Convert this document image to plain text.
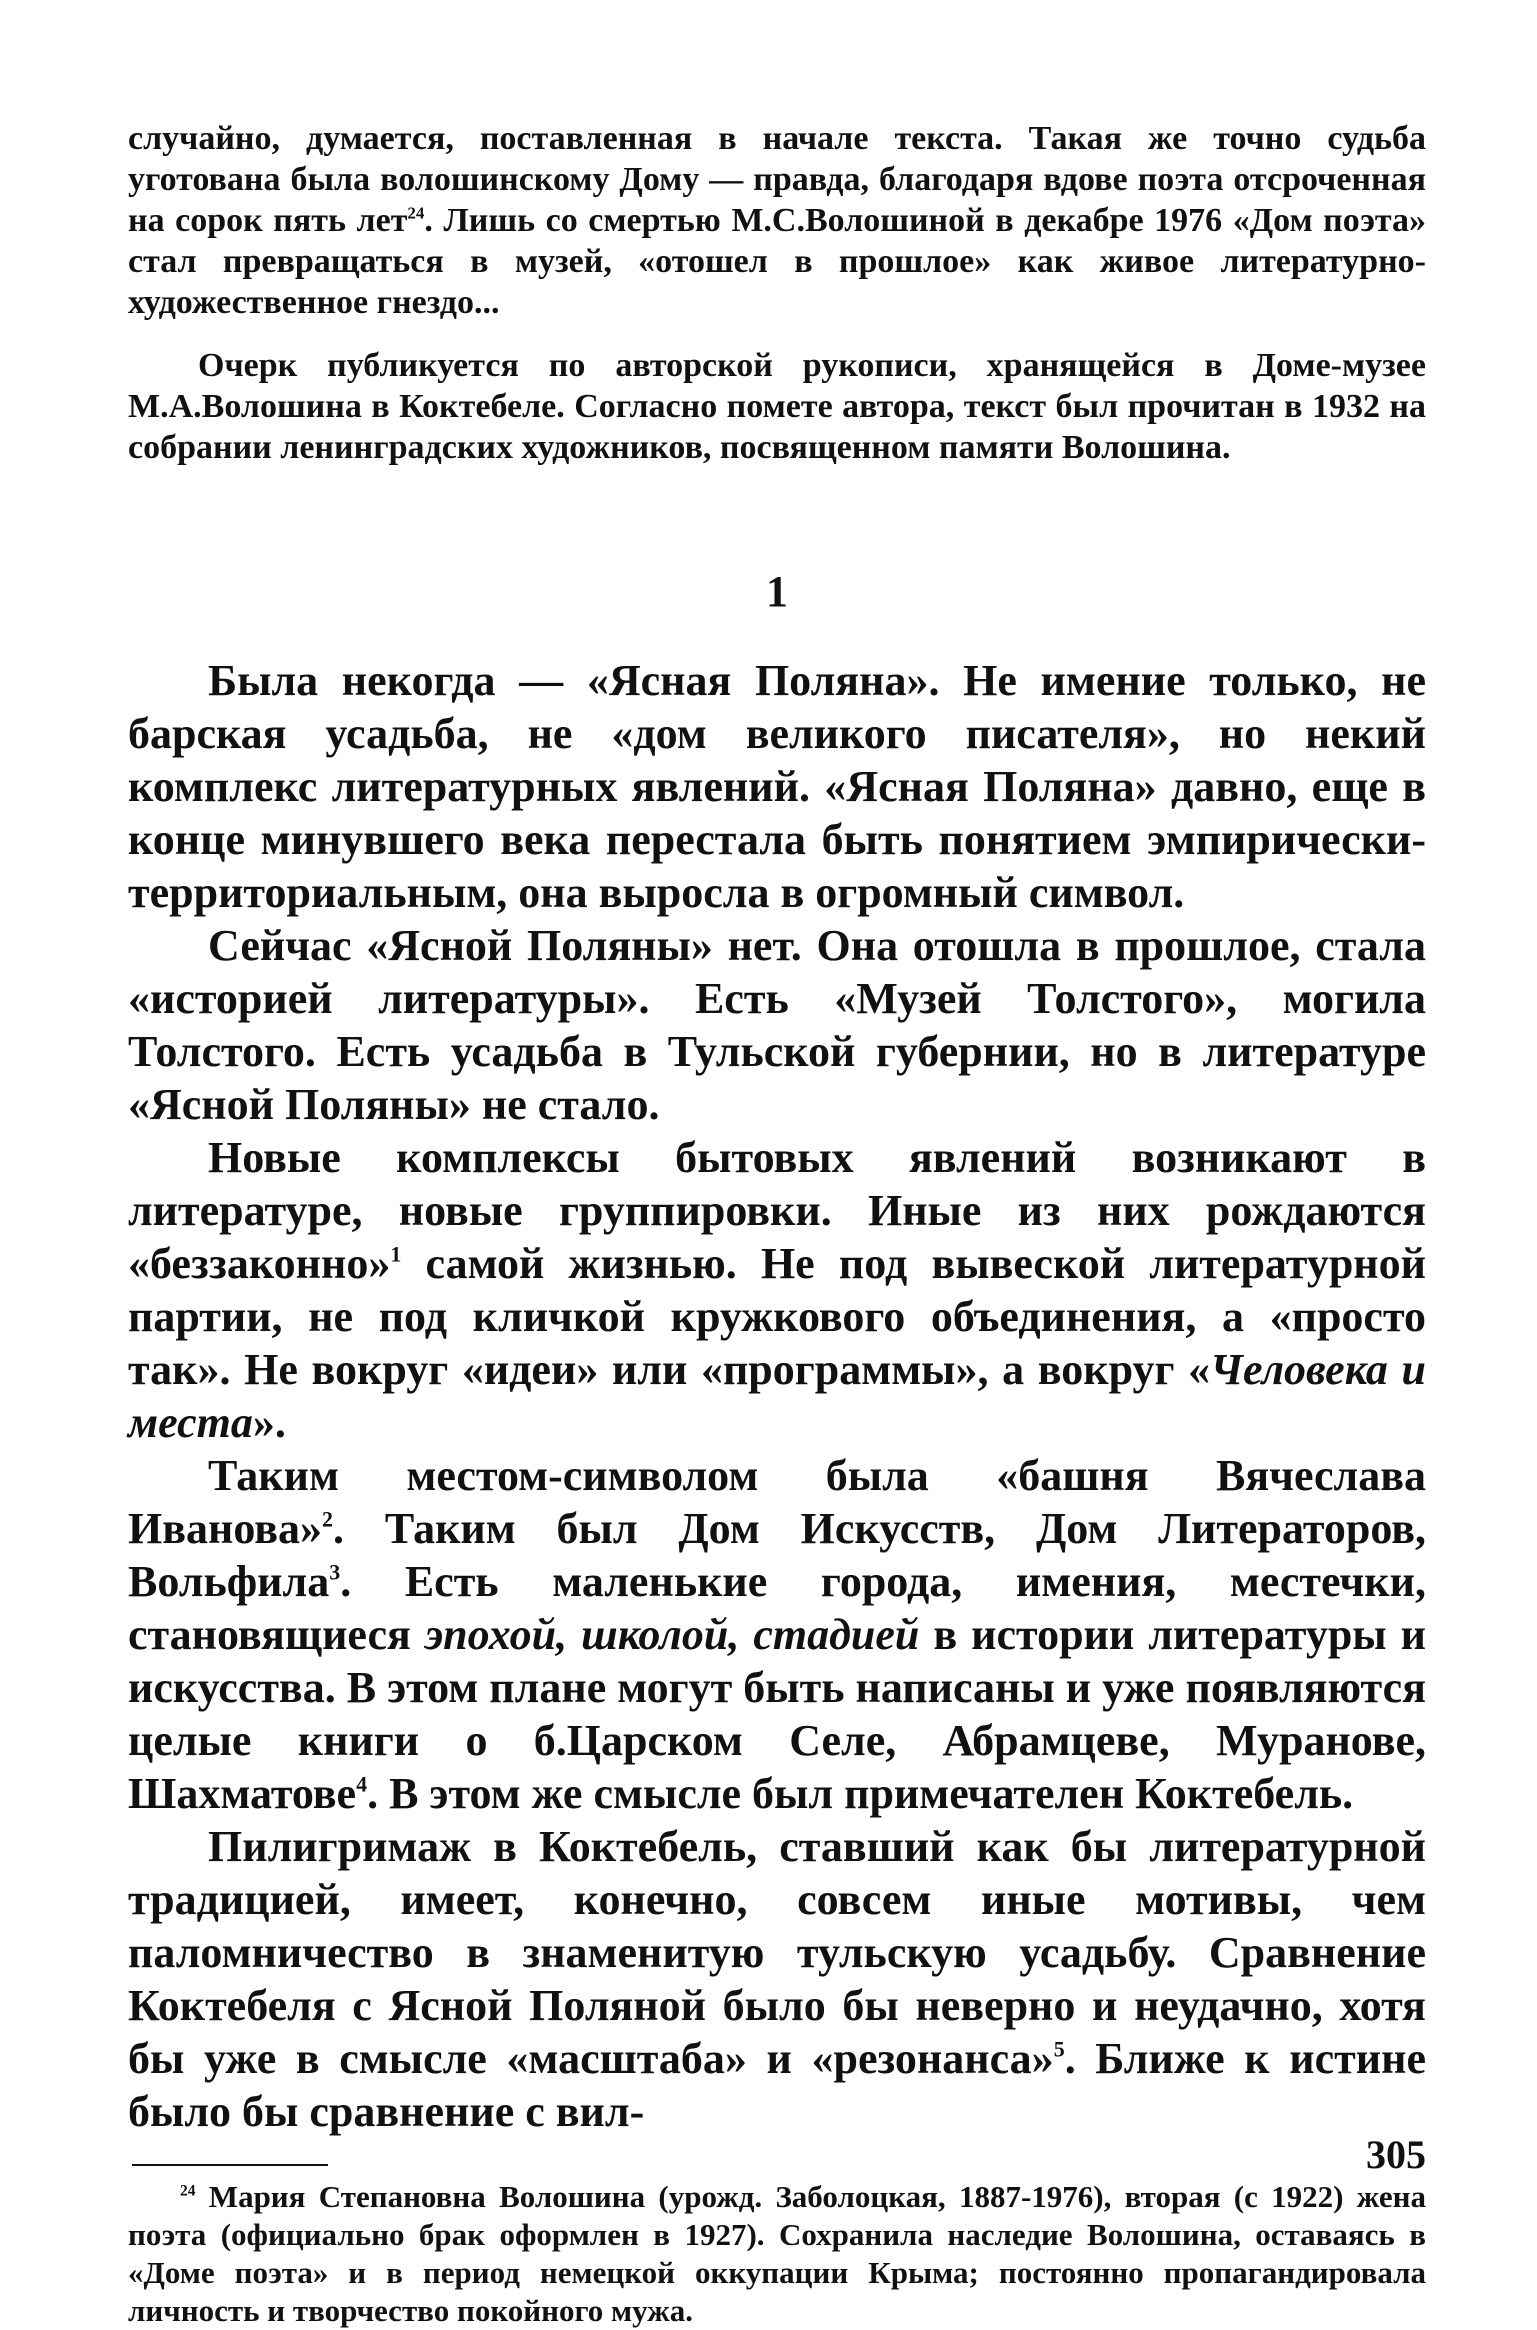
случайно, думается, поставленная в начале текста. Такая же точно судьба уготована была волошинскому Дому — правда, благодаря вдове поэта отсроченная на сорок пять лет$^{24}$. Лишь со смертью М.С.Волошиной в декабре 1976 «Дом поэта» стал превращаться в музей, «отошел в прошлое» как живое литературно-художественное гнездо...

Очерк публикуется по авторской рукописи, хранящейся в Доме-музее М.А.Волошина в Коктебеле. Согласно помете автора, текст был прочитан в 1932 на собрании ленинградских художников, посвященном памяти Волошина.

1

Была некогда — «Ясная Поляна». Не имение только, не барская усадьба, не «дом великого писателя», но некий комплекс литературных явлений. «Ясная Поляна» давно, еще в конце минувшего века перестала быть понятием эмпирически-территориальным, она выросла в огромный символ.

Сейчас «Ясной Поляны» нет. Она отошла в прошлое, стала «историей литературы». Есть «Музей Толстого», могила Толстого. Есть усадьба в Тульской губернии, но в литературе «Ясной Поляны» не стало.

Новые комплексы бытовых явлений возникают в литературе, новые группировки. Иные из них рождаются «беззаконно»$^1$ самой жизнью. Не под вывеской литературной партии, не под кличкой кружкового объединения, а «просто так». Не вокруг «идеи» или «программы», а вокруг «Человека и места».

Таким местом-символом была «башня Вячеслава Иванова»$^2$. Таким был Дом Искусств, Дом Литераторов, Вольфила$^3$. Есть маленькие города, имения, местечки, становящиеся эпохой, школой, стадией в истории литературы и искусства. В этом плане могут быть написаны и уже появляются целые книги о б.Царском Селе, Абрамцеве, Муранове, Шахматове$^4$. В этом же смысле был примечателен Коктебель.

Пилигримаж в Коктебель, ставший как бы литературной традицией, имеет, конечно, совсем иные мотивы, чем паломничество в знаменитую тульскую усадьбу. Сравнение Коктебеля с Ясной Поляной было бы неверно и неудачно, хотя бы уже в смысле «масштаба» и «резонанса»$^5$. Ближе к истине было бы сравнение с вил-

$^{24}$ Мария Степановна Волошина (урожд. Заболоцкая, 1887-1976), вторая (с 1922) жена поэта (официально брак оформлен в 1927). Сохранила наследие Волошина, оставаясь в «Доме поэта» и в период немецкой оккупации Крыма; постоянно пропагандировала личность и творчество покойного мужа.

305
